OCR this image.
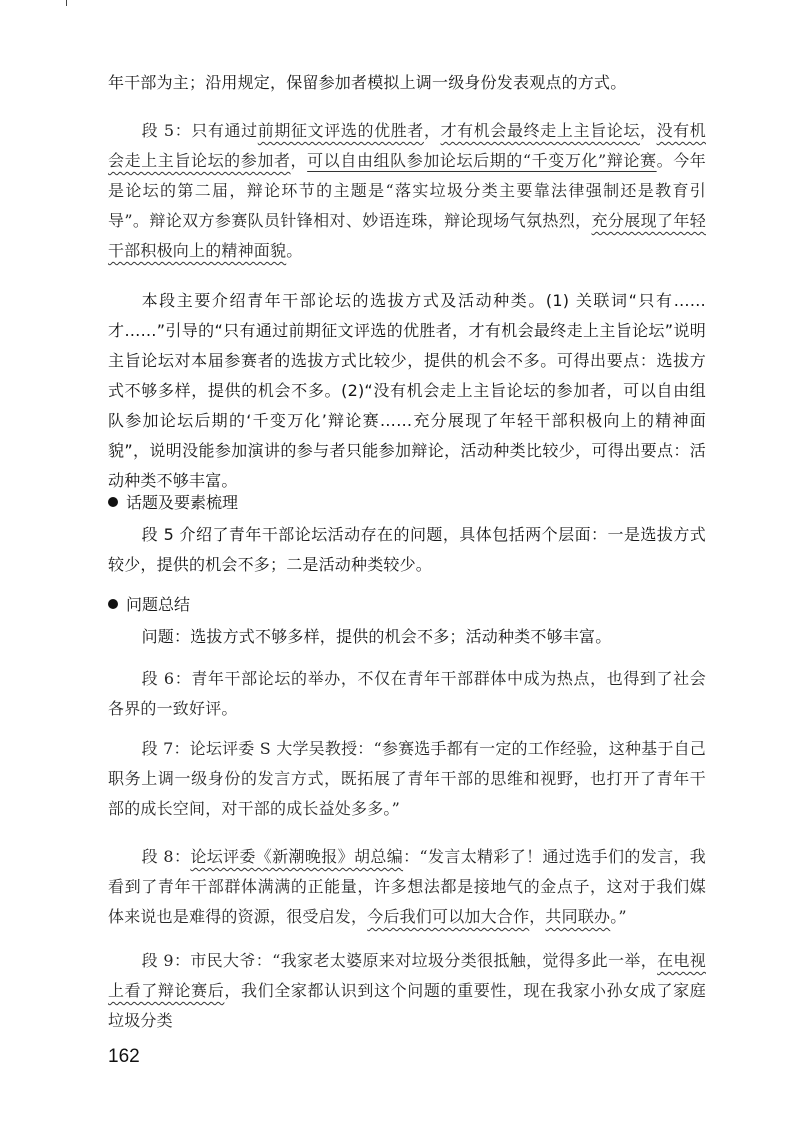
年干部为主；沿用规定，保留参加者模拟上调一级身份发表观点的方式。

段 5：只有通过前期征文评选的优胜者，才有机会最终走上主旨论坛，没有机会走上主旨论坛的参加者，可以自由组队参加论坛后期的“千变万化”辩论赛。今年是论坛的第二届，辩论环节的主题是“落实垃圾分类主要靠法律强制还是教育引导”。辩论双方参赛队员针锋相对、妙语连珠，辩论现场气氛热烈，充分展现了年轻干部积极向上的精神面貌。

本段主要介绍青年干部论坛的选拔方式及活动种类。(1) 关联词“只有……才……”引导的“只有通过前期征文评选的优胜者，才有机会最终走上主旨论坛”说明主旨论坛对本届参赛者的选拔方式比较少，提供的机会不多。可得出要点：选拔方式不够多样，提供的机会不多。(2)“没有机会走上主旨论坛的参加者，可以自由组队参加论坛后期的‘千变万化’辩论赛……充分展现了年轻干部积极向上的精神面貌”，说明没能参加演讲的参与者只能参加辩论，活动种类比较少，可得出要点：活动种类不够丰富。

话题及要素梳理

段 5 介绍了青年干部论坛活动存在的问题，具体包括两个层面：一是选拔方式较少，提供的机会不多；二是活动种类较少。

问题总结

问题：选拔方式不够多样，提供的机会不多；活动种类不够丰富。

段 6：青年干部论坛的举办，不仅在青年干部群体中成为热点，也得到了社会各界的一致好评。

段 7：论坛评委 S 大学吴教授：“参赛选手都有一定的工作经验，这种基于自己职务上调一级身份的发言方式，既拓展了青年干部的思维和视野，也打开了青年干部的成长空间，对干部的成长益处多多。”

段 8：论坛评委《新潮晚报》胡总编：“发言太精彩了！通过选手们的发言，我看到了青年干部群体满满的正能量，许多想法都是接地气的金点子，这对于我们媒体来说也是难得的资源，很受启发，今后我们可以加大合作，共同联办。”

段 9：市民大爷：“我家老太婆原来对垃圾分类很抵触，觉得多此一举，在电视上看了辩论赛后，我们全家都认识到这个问题的重要性，现在我家小孙女成了家庭垃圾分类

162
